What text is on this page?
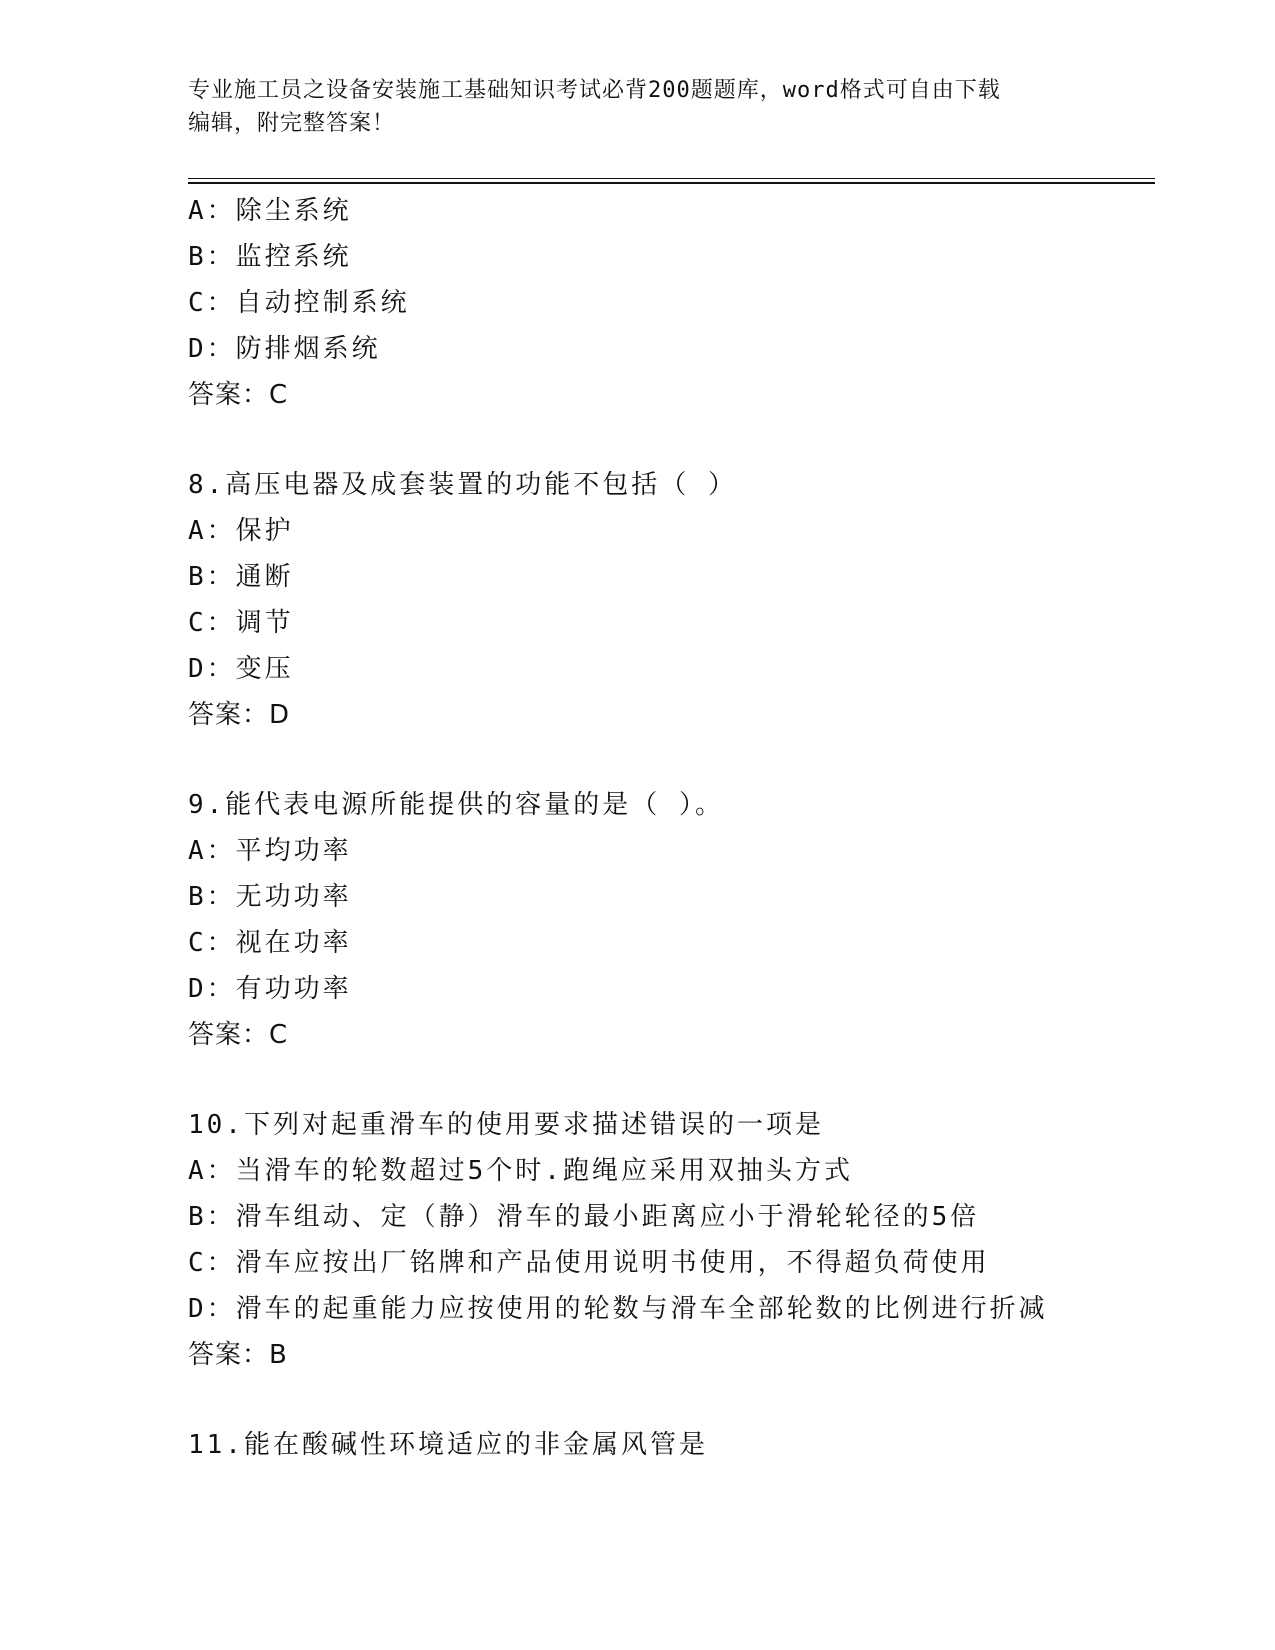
专业施工员之设备安装施工基础知识考试必背200题题库，word格式可自由下载
编辑，附完整答案！
A：除尘系统
B：监控系统
C：自动控制系统
D：防排烟系统
答案：C
8.高压电器及成套装置的功能不包括（ ）
A：保护
B：通断
C：调节
D：变压
答案：D
9.能代表电源所能提供的容量的是（ ）。
A：平均功率
B：无功功率
C：视在功率
D：有功功率
答案：C
10.下列对起重滑车的使用要求描述错误的一项是
A：当滑车的轮数超过5个时.跑绳应采用双抽头方式
B：滑车组动、定（静）滑车的最小距离应小于滑轮轮径的5倍
C：滑车应按出厂铭牌和产品使用说明书使用，不得超负荷使用
D：滑车的起重能力应按使用的轮数与滑车全部轮数的比例进行折减
答案：B
11.能在酸碱性环境适应的非金属风管是
